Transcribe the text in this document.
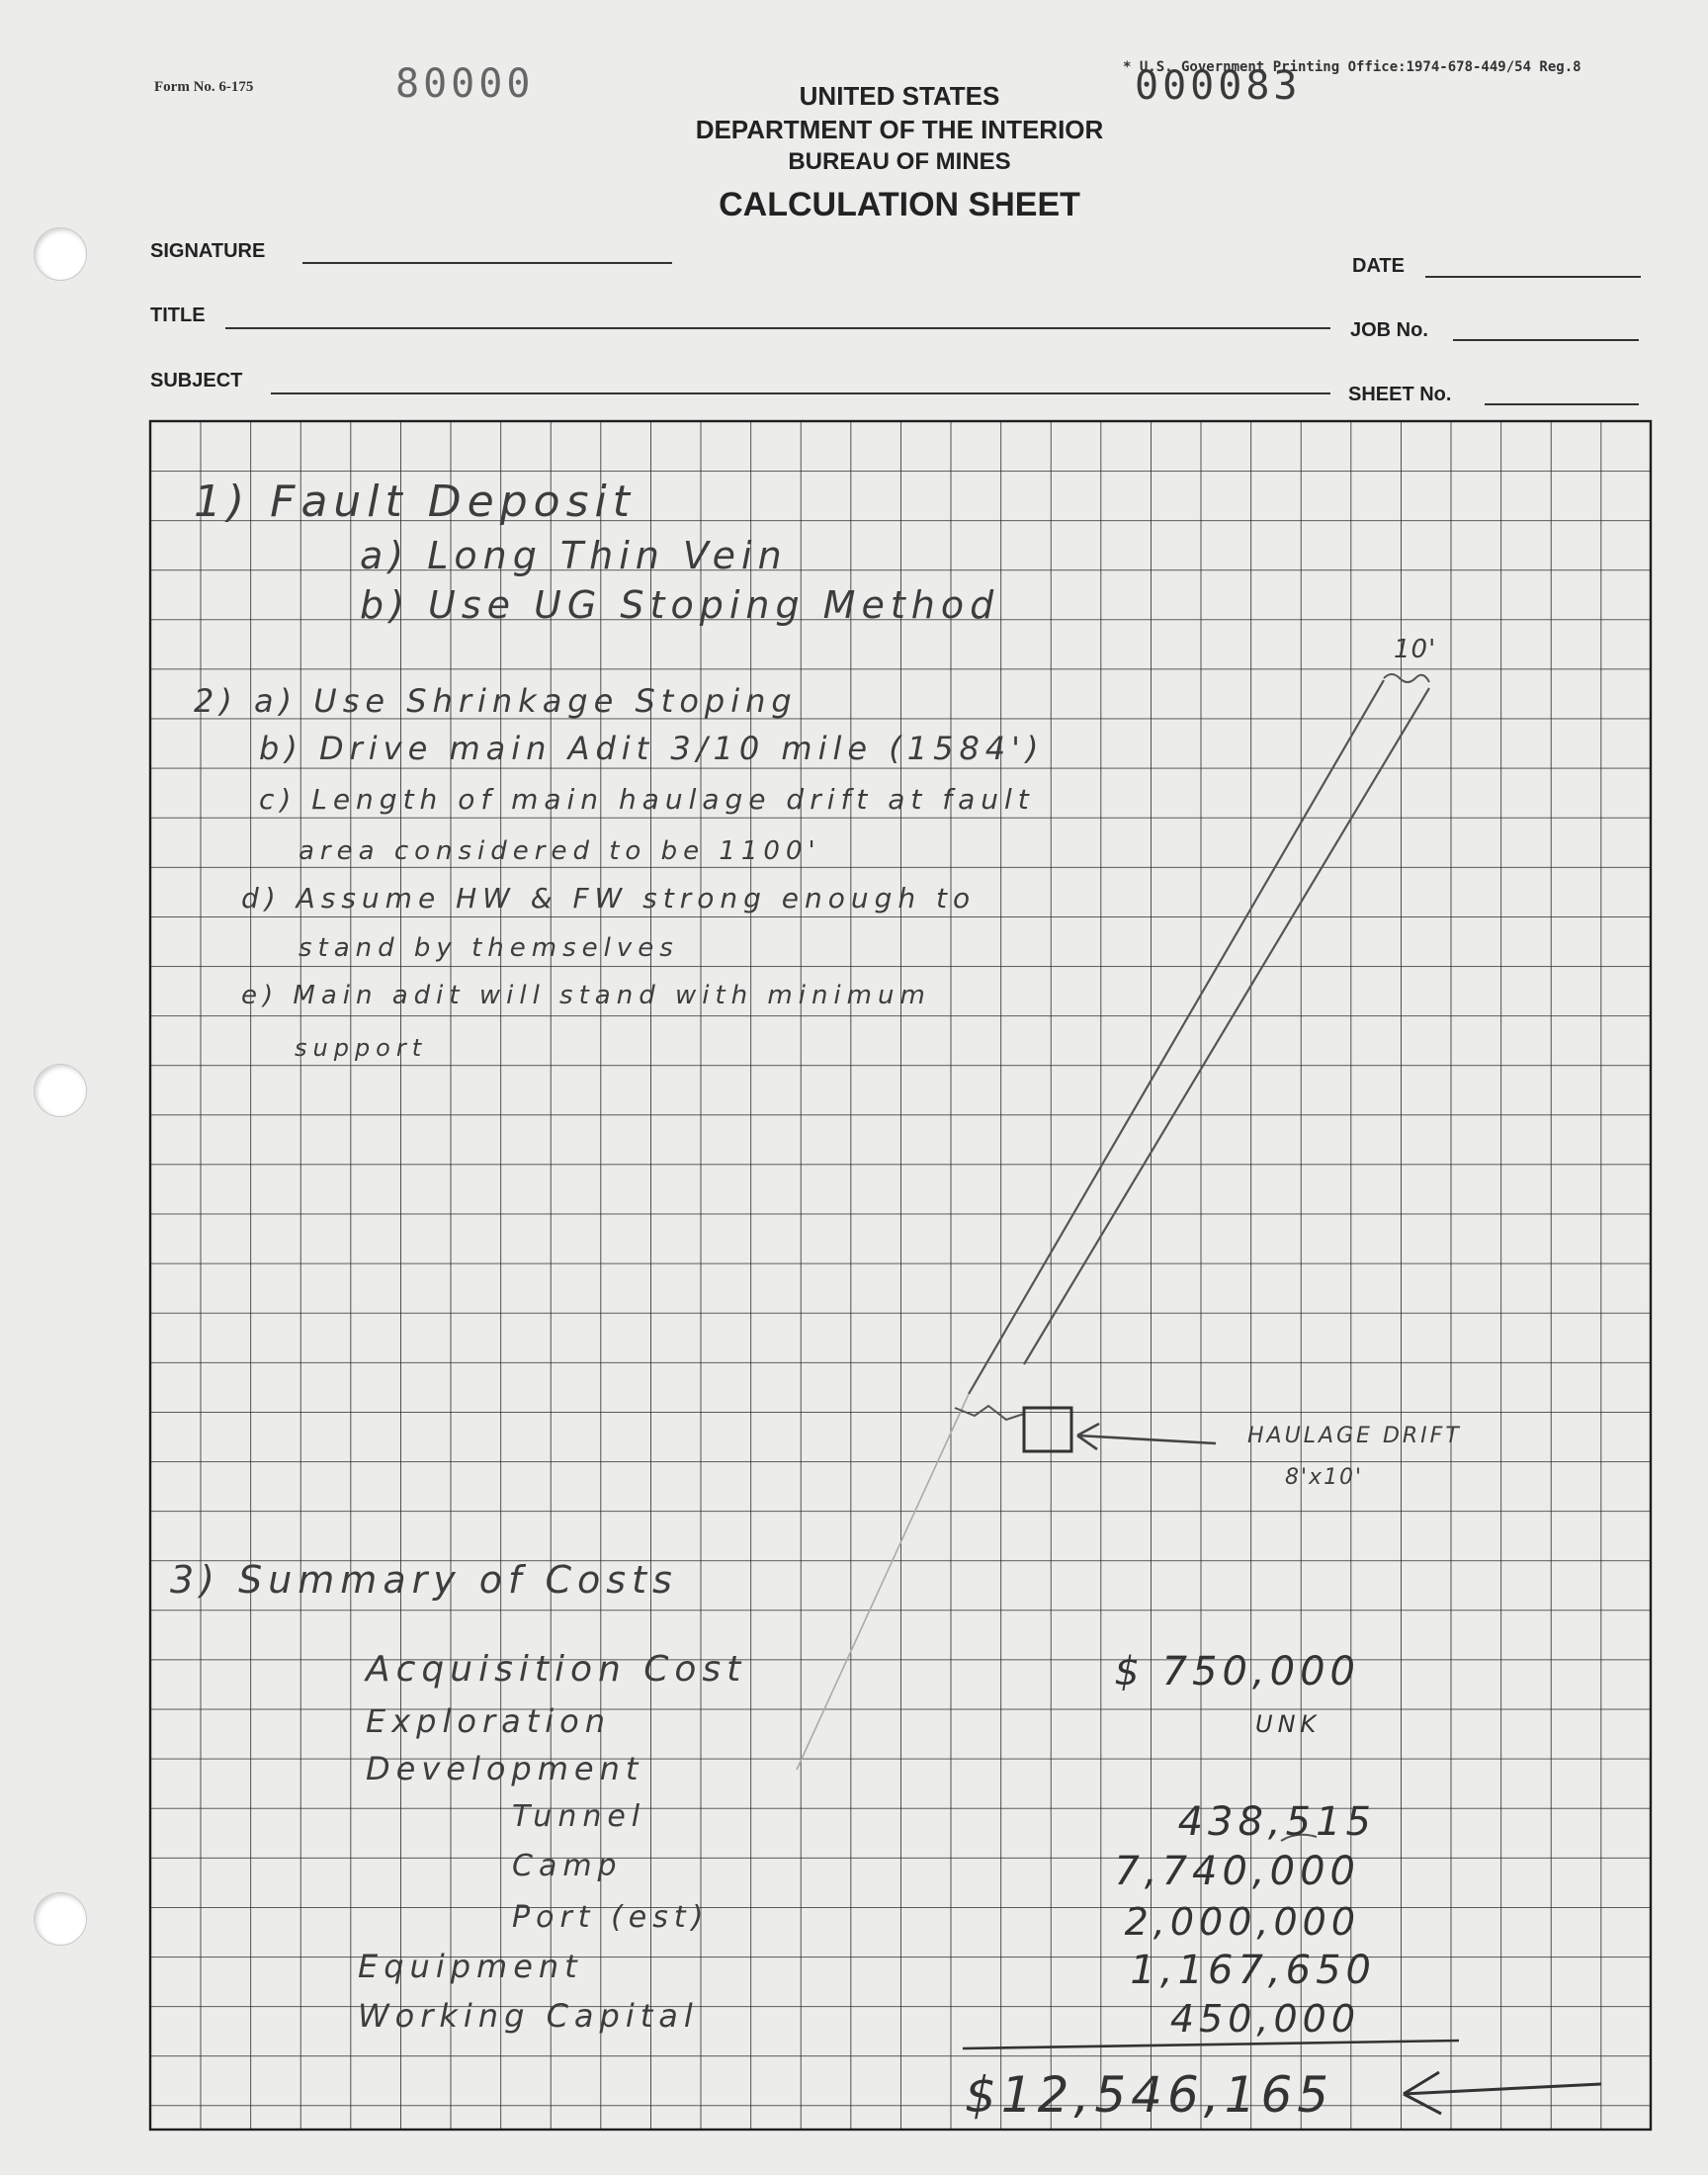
Form No. 6-175	80000	000083
* U.S. Government Printing Office:1974-678-449/54 Reg.8
UNITED STATES
DEPARTMENT OF THE INTERIOR
BUREAU OF MINES
CALCULATION SHEET
SIGNATURE
DATE
TITLE
JOB No.
SUBJECT
SHEET No.
1) Fault Deposit
a) Long Thin Vein
b) Use UG Stoping Method
2) a) Use Shrinkage Stoping
b) Drive main Adit 3/10 mile (1584')
c) Length of main haulage drift at fault
area considered to be 1100'
d) Assume HW & FW strong enough to
stand by themselves
e) Main adit will stand with minimum
support
10'
HAULAGE DRIFT
8'x10'
3) Summary of Costs
Acquisition Cost	$ 750,000
Exploration	UNK
Development
Tunnel	438,515
Camp	7,740,000
Port (est)	2,000,000
Equipment	1,167,650
Working Capital	450,000
$12,546,165
